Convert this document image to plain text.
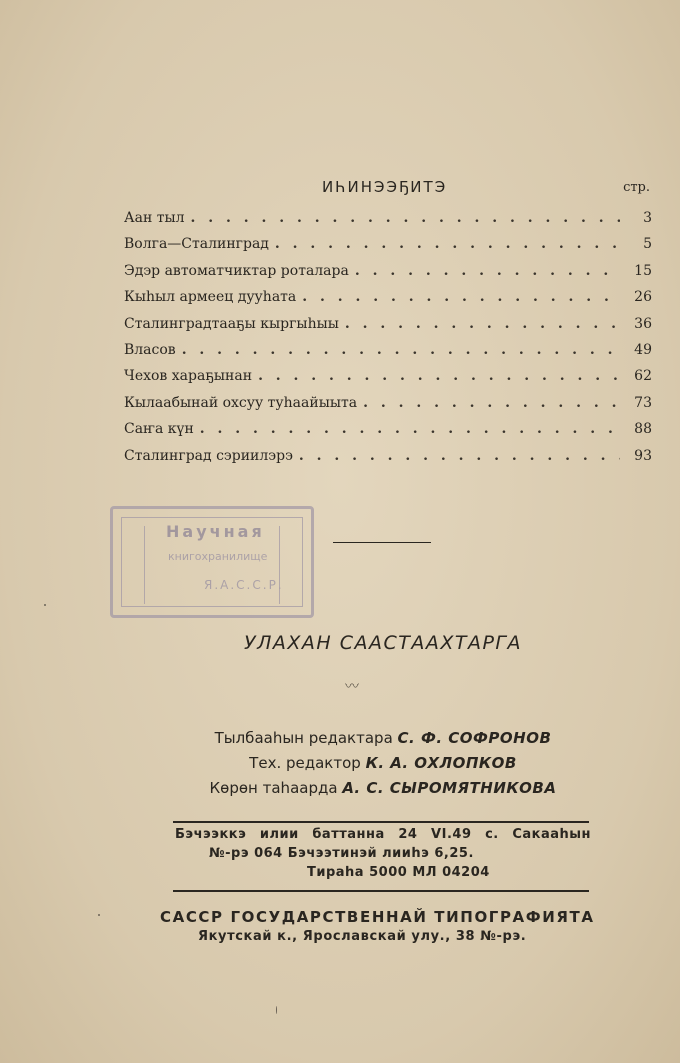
ИҺИНЭЭҔИТЭ	стр.
Аан тыл . . .	3
Волга—Сталинград . . .	5
Эдэр автоматчиктар роталара . . .	15
Кыһыл армеец дууһата . . .	26
Сталинградтааҕы кыргыһыы . . .	36
Власов . . .	49
Чехов хараҕынан . . .	62
Кылаабынай охсуу туһаайыыта . . .	73
Саҥа күн . . .	88
Сталинград сэриилэрэ . . .	93
Научная
книгохранилище
Я.А.С.С.Р.
УЛАХАН СААСТААХТАРГА
〰
Тылбааһын редактара С. Ф. СОФРОНОВ
Тех. редактор К. А. ОХЛОПКОВ
Көрөн таһаарда А. С. СЫРОМЯТНИКОВА
Бэчээккэ илии баттанна 24 VI.49 с. Сакааһын
№-рэ 064 Бэчээтинэй лииһэ 6,25.
Тираһа 5000 МЛ 04204
САССР ГОСУДАРСТВЕННАЙ ТИПОГРАФИЯТА
Якутскай к., Ярославскай улу., 38 №-рэ.
